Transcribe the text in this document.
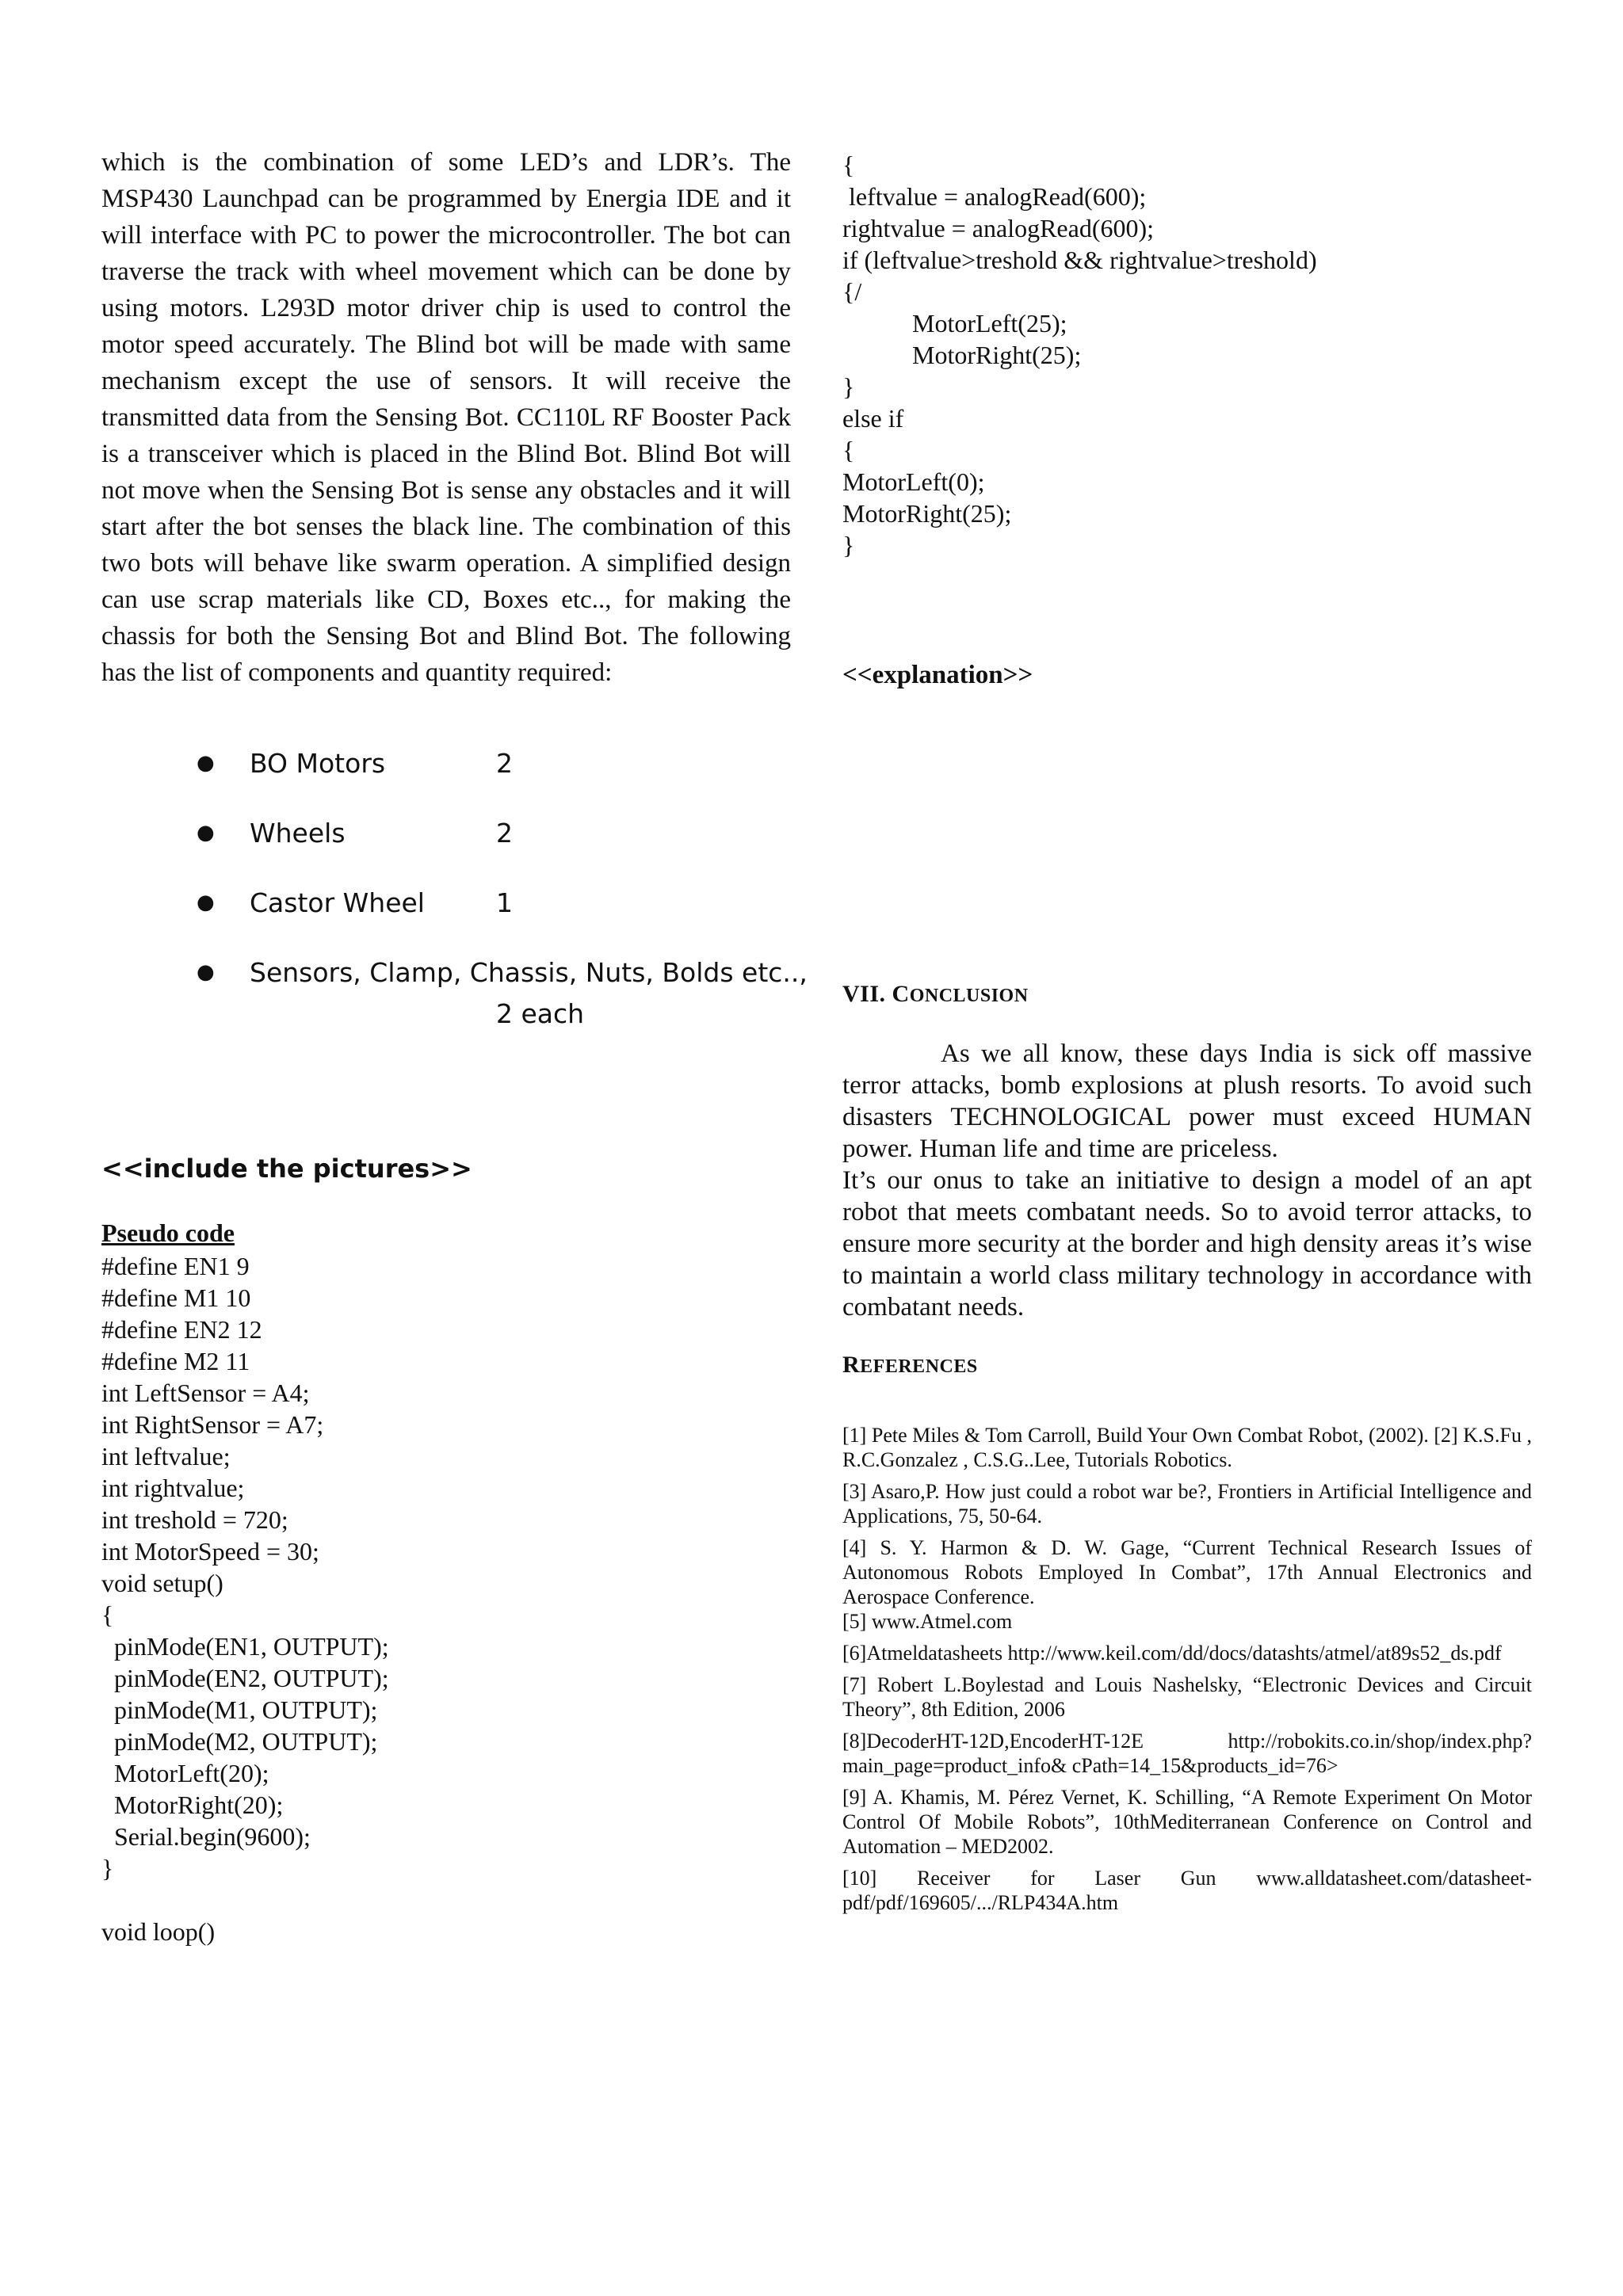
which is the combination of some LED’s and LDR’s. The MSP430 Launchpad can be programmed by Energia IDE and it will interface with PC to power the microcontroller. The bot can traverse the track with wheel movement which can be done by using motors. L293D motor driver chip is used to control the motor speed accurately. The Blind bot will be made with same mechanism except the use of sensors. It will receive the transmitted data from the Sensing Bot. CC110L RF Booster Pack is a transceiver which is placed in the Blind Bot. Blind Bot will not move when the Sensing Bot is sense any obstacles and it will start after the bot senses the black line. The combination of this two bots will behave like swarm operation. A simplified design can use scrap materials like CD, Boxes etc.., for making the chassis for both the Sensing Bot and Blind Bot. The following has the list of components and quantity required:

● BO Motors	2
● Wheels	2
● Castor Wheel	1
● Sensors, Clamp, Chassis, Nuts, Bolds etc..,
2 each
<<include the pictures>>
Pseudo code
#define EN1 9
#define M1 10
#define EN2 12
#define M2 11
int LeftSensor = A4;
int RightSensor = A7;
int leftvalue;
int rightvalue;
int treshold = 720;
int MotorSpeed = 30;
void setup()
{
pinMode(EN1, OUTPUT);
pinMode(EN2, OUTPUT);
pinMode(M1, OUTPUT);
pinMode(M2, OUTPUT);
MotorLeft(20);
MotorRight(20);
Serial.begin(9600);
}

void loop()
{
leftvalue = analogRead(600);
rightvalue = analogRead(600);
if (leftvalue>treshold && rightvalue>treshold)
{/
MotorLeft(25);
MotorRight(25);
}
else if
{
MotorLeft(0);
MotorRight(25);
}
<<explanation>>
VII. CONCLUSION

As we all know, these days India is sick off massive terror attacks, bomb explosions at plush resorts. To avoid such disasters TECHNOLOGICAL power must exceed HUMAN power. Human life and time are priceless.

It’s our onus to take an initiative to design a model of an apt robot that meets combatant needs. So to avoid terror attacks, to ensure more security at the border and high density areas it’s wise to maintain a world class military technology in accordance with combatant needs.

REFERENCES
[1] Pete Miles & Tom Carroll, Build Your Own Combat Robot, (2002). [2] K.S.Fu , R.C.Gonzalez , C.S.G..Lee, Tutorials Robotics.
[3] Asaro,P. How just could a robot war be?, Frontiers in Artificial Intelligence and Applications, 75, 50-64.
[4] S. Y. Harmon & D. W. Gage, “Current Technical Research Issues of Autonomous Robots Employed In Combat”, 17th Annual Electronics and Aerospace Conference.
[5] www.Atmel.com
[6]Atmeldatasheets http://www.keil.com/dd/docs/datashts/atmel/at89s52_ds.pdf
[7] Robert L.Boylestad and Louis Nashelsky, “Electronic Devices and Circuit Theory”, 8th Edition, 2006
[8]DecoderHT-12D,EncoderHT-12E http://robokits.co.in/shop/index.php?main_page=product_info& cPath=14_15&products_id=76>
[9] A. Khamis, M. Pérez Vernet, K. Schilling, “A Remote Experiment On Motor Control Of Mobile Robots”, 10thMediterranean Conference on Control and Automation – MED2002.
[10] Receiver for Laser Gun www.alldatasheet.com/datasheet-pdf/pdf/169605/.../RLP434A.htm
